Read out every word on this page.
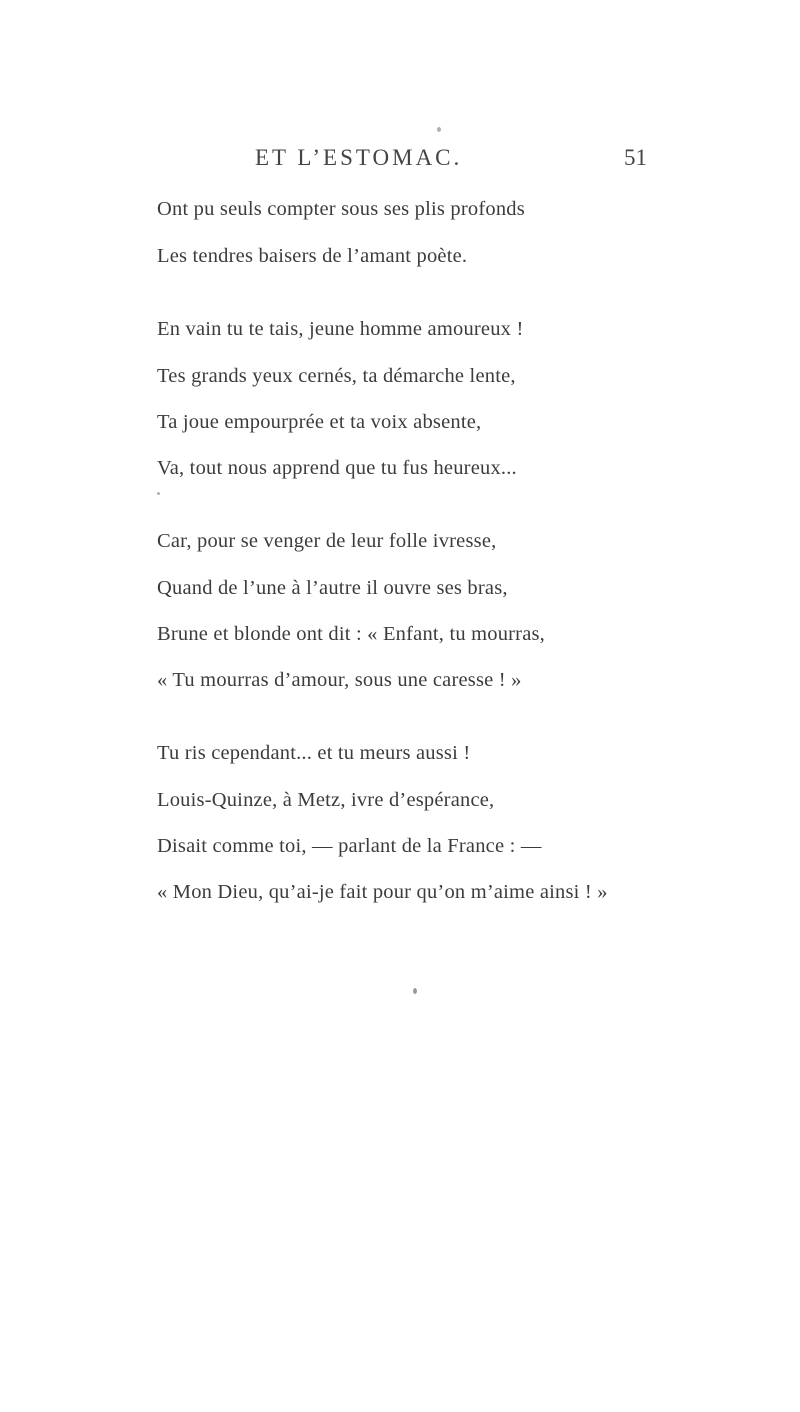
ET L’ESTOMAC.	51
Ont pu seuls compter sous ses plis profonds
Les tendres baisers de l’amant poète.
En vain tu te tais, jeune homme amoureux !
Tes grands yeux cernés, ta démarche lente,
Ta joue empourprée et ta voix absente,
Va, tout nous apprend que tu fus heureux...
Car, pour se venger de leur folle ivresse,
Quand de l’une à l’autre il ouvre ses bras,
Brune et blonde ont dit : « Enfant, tu mourras,
« Tu mourras d’amour, sous une caresse ! »
Tu ris cependant... et tu meurs aussi !
Louis-Quinze, à Metz, ivre d’espérance,
Disait comme toi, — parlant de la France : —
« Mon Dieu, qu’ai-je fait pour qu’on m’aime ainsi ! »
